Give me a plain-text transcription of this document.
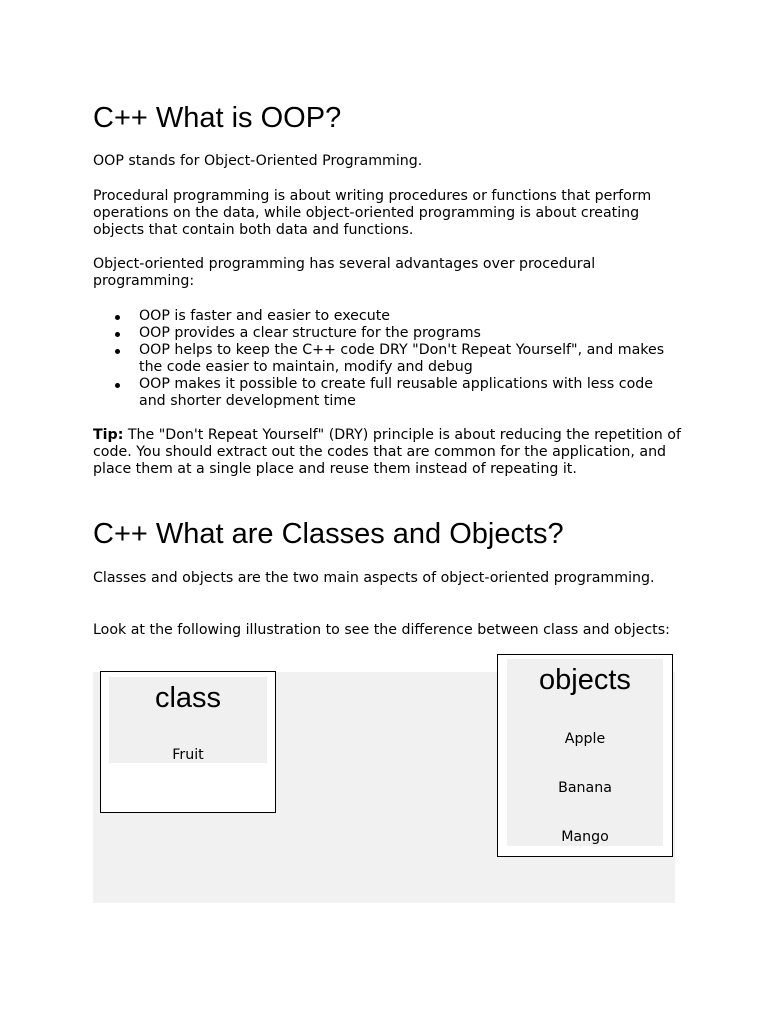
C++ What is OOP?

OOP stands for Object-Oriented Programming.

Procedural programming is about writing procedures or functions that perform operations on the data, while object-oriented programming is about creating objects that contain both data and functions.

Object-oriented programming has several advantages over procedural programming:

OOP is faster and easier to execute
OOP provides a clear structure for the programs
OOP helps to keep the C++ code DRY "Don't Repeat Yourself", and makes the code easier to maintain, modify and debug
OOP makes it possible to create full reusable applications with less code and shorter development time

Tip: The "Don't Repeat Yourself" (DRY) principle is about reducing the repetition of code. You should extract out the codes that are common for the application, and place them at a single place and reuse them instead of repeating it.

C++ What are Classes and Objects?

Classes and objects are the two main aspects of object-oriented programming.

Look at the following illustration to see the difference between class and objects:

class
Fruit
objects
Apple
Banana
Mango
